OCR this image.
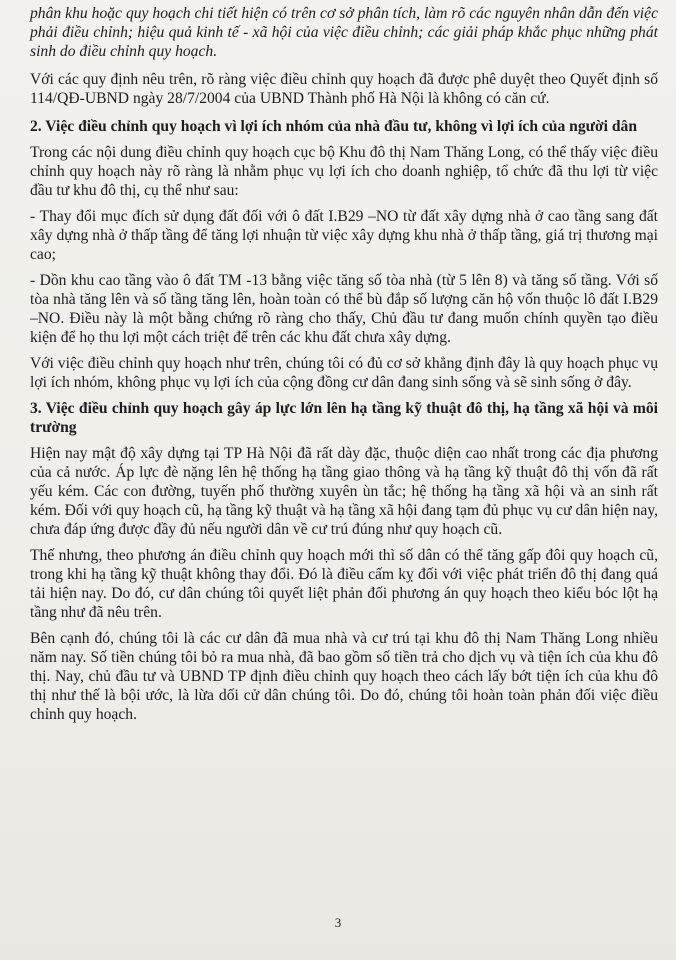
phân khu hoặc quy hoạch chi tiết hiện có trên cơ sở phân tích, làm rõ các nguyên nhân dẫn đến việc phải điều chỉnh; hiệu quả kinh tế - xã hội của việc điều chỉnh; các giải pháp khắc phục những phát sinh do điều chỉnh quy hoạch.

Với các quy định nêu trên, rõ ràng việc điều chỉnh quy hoạch đã được phê duyệt theo Quyết định số 114/QĐ-UBND ngày 28/7/2004 của UBND Thành phố Hà Nội là không có căn cứ.

2. Việc điều chỉnh quy hoạch vì lợi ích nhóm của nhà đầu tư, không vì lợi ích của người dân

Trong các nội dung điều chỉnh quy hoạch cục bộ Khu đô thị Nam Thăng Long, có thể thấy việc điều chỉnh quy hoạch này rõ ràng là nhằm phục vụ lợi ích cho doanh nghiệp, tổ chức đã thu lợi từ việc đầu tư khu đô thị, cụ thể như sau:

- Thay đổi mục đích sử dụng đất đối với ô đất I.B29 –NO từ đất xây dựng nhà ở cao tầng sang đất xây dựng nhà ở thấp tầng để tăng lợi nhuận từ việc xây dựng khu nhà ở thấp tầng, giá trị thương mại cao;

- Dồn khu cao tầng vào ô đất TM -13 bằng việc tăng số tòa nhà (từ 5 lên 8) và tăng số tầng. Với số tòa nhà tăng lên và số tầng tăng lên, hoàn toàn có thể bù đắp số lượng căn hộ vốn thuộc lô đất I.B29 –NO. Điều này là một bằng chứng rõ ràng cho thấy, Chủ đầu tư đang muốn chính quyền tạo điều kiện để họ thu lợi một cách triệt để trên các khu đất chưa xây dựng.

Với việc điều chỉnh quy hoạch như trên, chúng tôi có đủ cơ sở khẳng định đây là quy hoạch phục vụ lợi ích nhóm, không phục vụ lợi ích của cộng đồng cư dân đang sinh sống và sẽ sinh sống ở đây.

3. Việc điều chỉnh quy hoạch gây áp lực lớn lên hạ tầng kỹ thuật đô thị, hạ tầng xã hội và môi trường

Hiện nay mật độ xây dựng tại TP Hà Nội đã rất dày đặc, thuộc diện cao nhất trong các địa phương của cả nước. Áp lực đè nặng lên hệ thống hạ tầng giao thông và hạ tầng kỹ thuật đô thị vốn đã rất yếu kém. Các con đường, tuyến phố thường xuyên ùn tắc; hệ thống hạ tầng xã hội và an sinh rất kém. Đối với quy hoạch cũ, hạ tầng kỹ thuật và hạ tầng xã hội đang tạm đủ phục vụ cư dân hiện nay, chưa đáp ứng được đầy đủ nếu người dân về cư trú đúng như quy hoạch cũ.

Thế nhưng, theo phương án điều chỉnh quy hoạch mới thì số dân có thể tăng gấp đôi quy hoạch cũ, trong khi hạ tầng kỹ thuật không thay đổi. Đó là điều cấm kỵ đối với việc phát triển đô thị đang quá tải hiện nay. Do đó, cư dân chúng tôi quyết liệt phản đối phương án quy hoạch theo kiểu bóc lột hạ tầng như đã nêu trên.

Bên cạnh đó, chúng tôi là các cư dân đã mua nhà và cư trú tại khu đô thị Nam Thăng Long nhiều năm nay. Số tiền chúng tôi bỏ ra mua nhà, đã bao gồm số tiền trả cho dịch vụ và tiện ích của khu đô thị. Nay, chủ đầu tư và UBND TP định điều chỉnh quy hoạch theo cách lấy bớt tiện ích của khu đô thị như thế là bội ước, là lừa dối cử dân chúng tôi. Do đó, chúng tôi hoàn toàn phản đối việc điều chỉnh quy hoạch.

3
